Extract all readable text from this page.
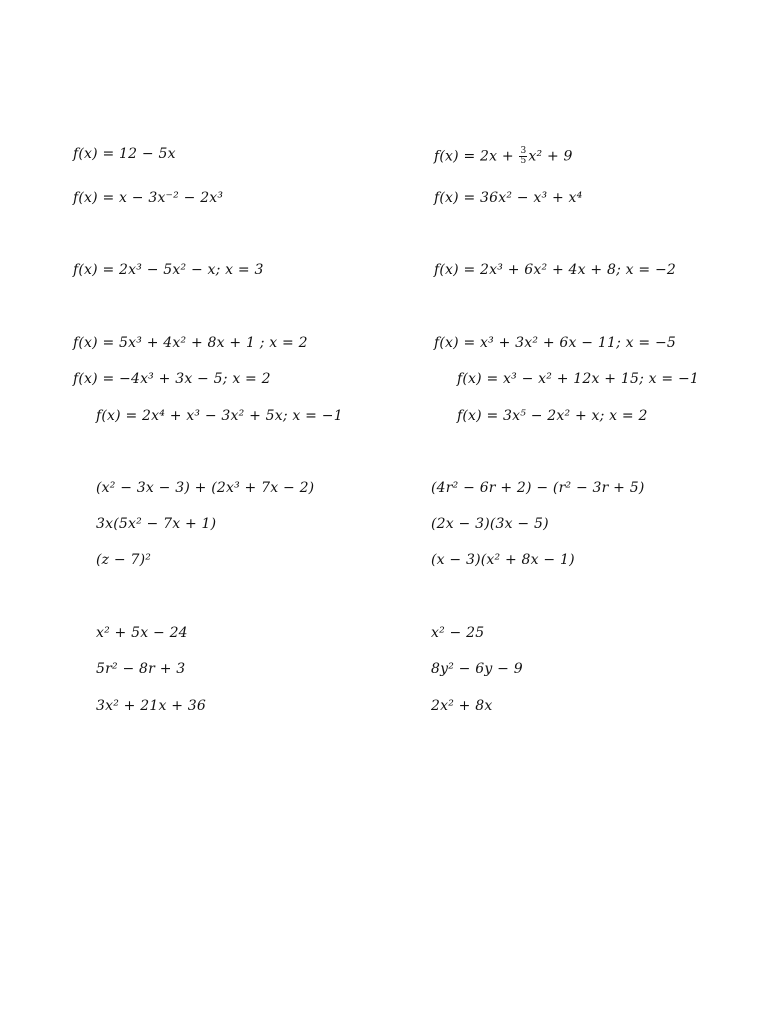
f(x) = 12 − 5x
f(x) = x − 3x⁻² − 2x³
f(x) = 2x³ − 5x² − x; x = 3
f(x) = 5x³ + 4x² + 8x + 1 ; x = 2
f(x) = −4x³ + 3x − 5; x = 2
f(x) = 2x⁴ + x³ − 3x² + 5x; x = −1
(x² − 3x − 3) + (2x³ + 7x − 2)
3x(5x² − 7x + 1)
(z − 7)²
x² + 5x − 24
5r² − 8r + 3
3x² + 21x + 36
$f(x) = 2x + \frac{3}{5} x^2 + 9$
f(x) = 36x² − x³ + x⁴
f(x) = 2x³ + 6x² + 4x + 8; x = −2
f(x) = x³ + 3x² + 6x − 11; x = −5
f(x) = x³ − x² + 12x + 15; x = −1
f(x) = 3x⁵ − 2x² + x; x = 2
(4r² − 6r + 2) − (r² − 3r + 5)
(2x − 3)(3x − 5)
(x − 3)(x² + 8x − 1)
x² − 25
8y² − 6y − 9
2x² + 8x
